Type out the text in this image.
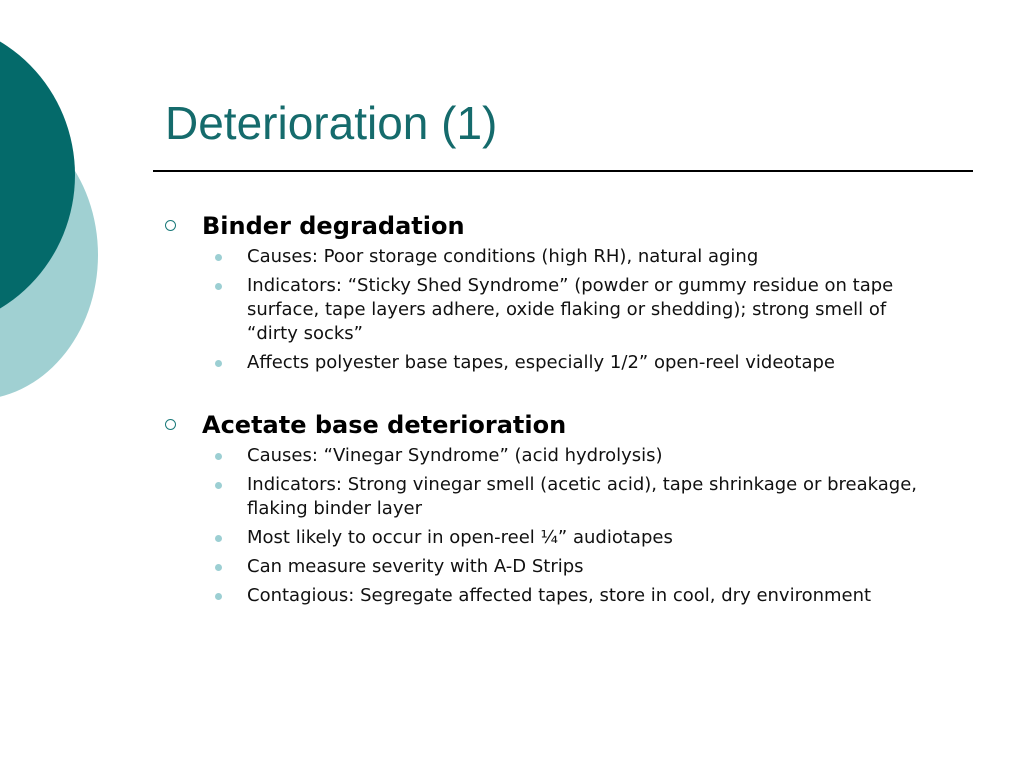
Deterioration (1)
Binder degradation
Causes: Poor storage conditions (high RH), natural aging
Indicators: “Sticky Shed Syndrome” (powder or gummy residue on tape surface, tape layers adhere, oxide flaking or shedding); strong smell of “dirty socks”
Affects polyester base tapes, especially 1/2” open-reel videotape
Acetate base deterioration
Causes: “Vinegar Syndrome” (acid hydrolysis)
Indicators: Strong vinegar smell (acetic acid), tape shrinkage or breakage, flaking binder layer
Most likely to occur in open-reel ¼” audiotapes
Can measure severity with A-D Strips
Contagious: Segregate affected tapes, store in cool, dry environment
